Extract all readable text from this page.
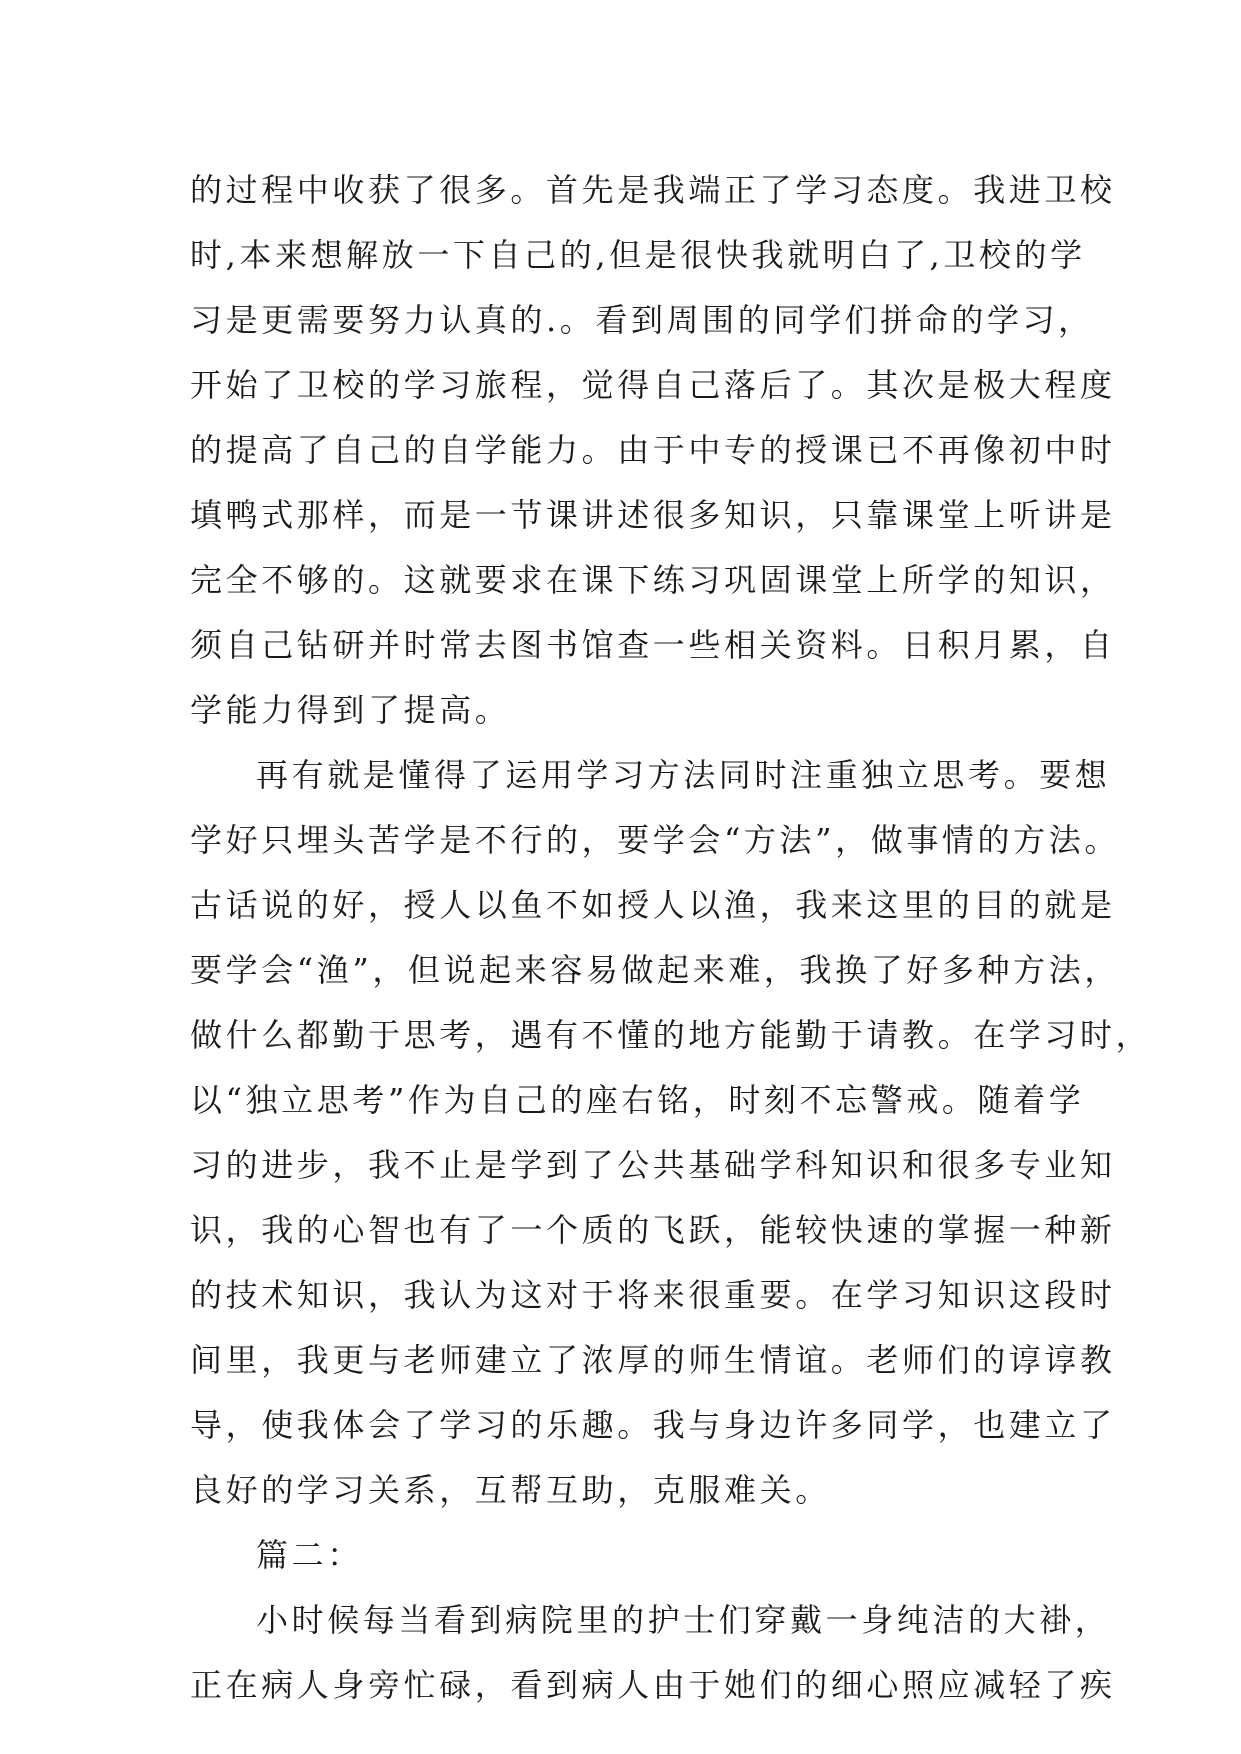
的过程中收获了很多。首先是我端正了学习态度。我进卫校
时,本来想解放一下自己的,但是很快我就明白了,卫校的学
习是更需要努力认真的.。看到周围的同学们拼命的学习，
开始了卫校的学习旅程，觉得自己落后了。其次是极大程度
的提高了自己的自学能力。由于中专的授课已不再像初中时
填鸭式那样，而是一节课讲述很多知识，只靠课堂上听讲是
完全不够的。这就要求在课下练习巩固课堂上所学的知识，
须自己钻研并时常去图书馆查一些相关资料。日积月累，自
学能力得到了提高。
再有就是懂得了运用学习方法同时注重独立思考。要想
学好只埋头苦学是不行的，要学会“方法”，做事情的方法。
古话说的好，授人以鱼不如授人以渔，我来这里的目的就是
要学会“渔”，但说起来容易做起来难，我换了好多种方法，
做什么都勤于思考，遇有不懂的地方能勤于请教。在学习时，
以“独立思考”作为自己的座右铭，时刻不忘警戒。随着学
习的进步，我不止是学到了公共基础学科知识和很多专业知
识，我的心智也有了一个质的飞跃，能较快速的掌握一种新
的技术知识，我认为这对于将来很重要。在学习知识这段时
间里，我更与老师建立了浓厚的师生情谊。老师们的谆谆教
导，使我体会了学习的乐趣。我与身边许多同学，也建立了
良好的学习关系，互帮互助，克服难关。
篇二：
小时候每当看到病院里的护士们穿戴一身纯洁的大褂，
正在病人身旁忙碌，看到病人由于她们的细心照应减轻了疾
